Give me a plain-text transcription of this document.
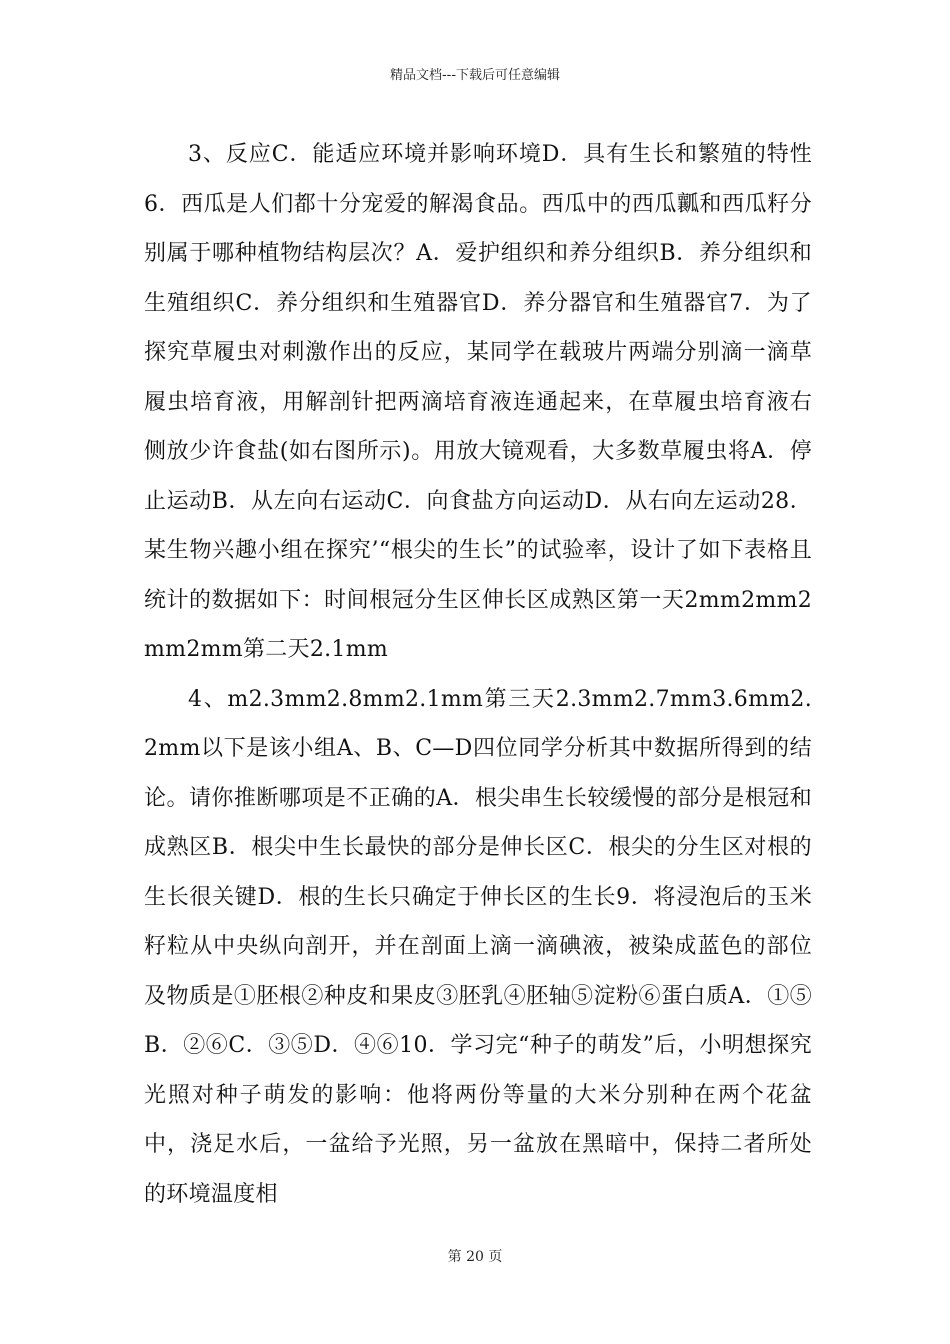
精品文档---下载后可任意编辑

3、反应C．能适应环境并影响环境D．具有生长和繁殖的特性6．西瓜是人们都十分宠爱的解渴食品。西瓜中的西瓜瓤和西瓜籽分别属于哪种植物结构层次？A．爱护组织和养分组织B．养分组织和生殖组织C．养分组织和生殖器官D．养分器官和生殖器官7．为了探究草履虫对刺激作出的反应，某同学在载玻片两端分别滴一滴草履虫培育液，用解剖针把两滴培育液连通起来，在草履虫培育液右侧放少许食盐(如右图所示)。用放大镜观看，大多数草履虫将A．停止运动B．从左向右运动C．向食盐方向运动D．从右向左运动28．某生物兴趣小组在探究’“根尖的生长”的试验率，设计了如下表格且统计的数据如下：时间根冠分生区伸长区成熟区第一天2mm2mm2mm2mm第二天2.1mm

4、m2.3mm2.8mm2.1mm第三天2.3mm2.7mm3.6mm2.2mm以下是该小组A、B、C—D四位同学分析其中数据所得到的结论。请你推断哪项是不正确的A．根尖串生长较缓慢的部分是根冠和成熟区B．根尖中生长最快的部分是伸长区C．根尖的分生区对根的生长很关键D．根的生长只确定于伸长区的生长9．将浸泡后的玉米籽粒从中央纵向剖开，并在剖面上滴一滴碘液，被染成蓝色的部位及物质是①胚根②种皮和果皮③胚乳④胚轴⑤淀粉⑥蛋白质A．①⑤B．②⑥C．③⑤D．④⑥10．学习完“种子的萌发”后，小明想探究光照对种子萌发的影响：他将两份等量的大米分别种在两个花盆中，浇足水后，一盆给予光照，另一盆放在黑暗中，保持二者所处的环境温度相

第 20 页
